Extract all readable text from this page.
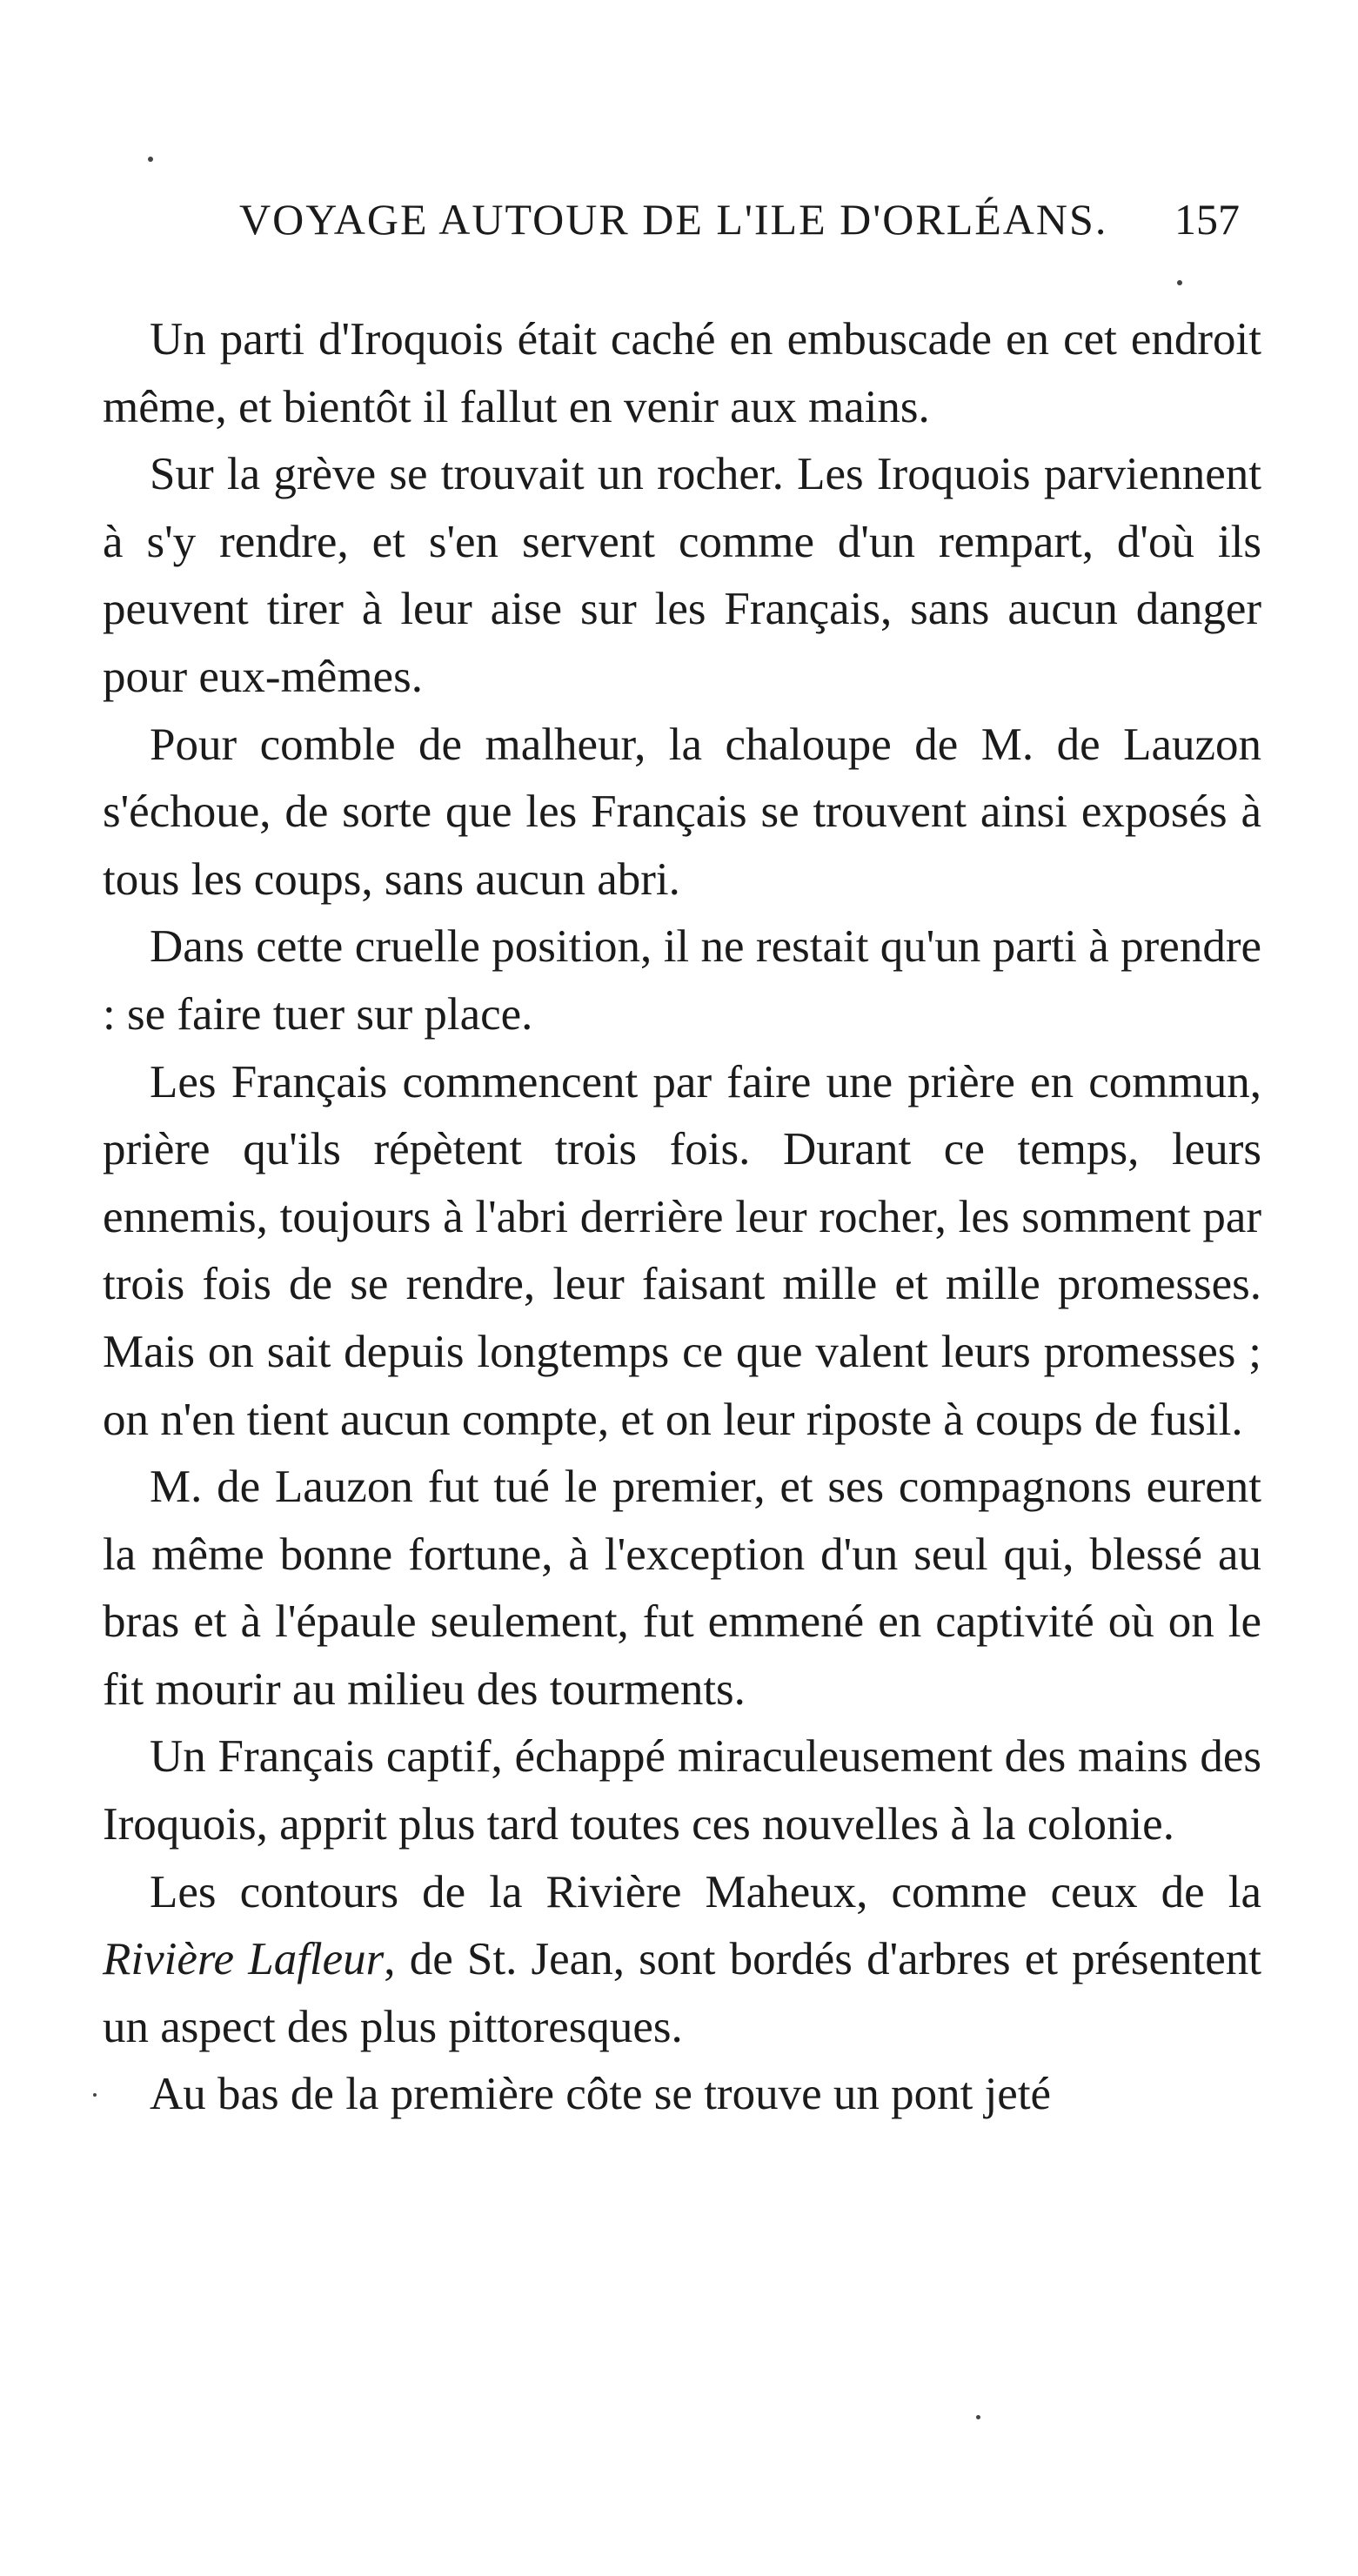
VOYAGE AUTOUR DE L'ILE D'ORLÉANS. 157

Un parti d'Iroquois était caché en embuscade en cet endroit même, et bientôt il fallut en venir aux mains.

Sur la grève se trouvait un rocher. Les Iroquois parviennent à s'y rendre, et s'en servent comme d'un rempart, d'où ils peuvent tirer à leur aise sur les Français, sans aucun danger pour eux-mêmes.

Pour comble de malheur, la chaloupe de M. de Lauzon s'échoue, de sorte que les Français se trouvent ainsi exposés à tous les coups, sans aucun abri.

Dans cette cruelle position, il ne restait qu'un parti à prendre : se faire tuer sur place.

Les Français commencent par faire une prière en commun, prière qu'ils répètent trois fois. Durant ce temps, leurs ennemis, toujours à l'abri derrière leur rocher, les somment par trois fois de se rendre, leur faisant mille et mille promesses. Mais on sait depuis longtemps ce que valent leurs promesses ; on n'en tient aucun compte, et on leur riposte à coups de fusil.

M. de Lauzon fut tué le premier, et ses compagnons eurent la même bonne fortune, à l'exception d'un seul qui, blessé au bras et à l'épaule seulement, fut emmené en captivité où on le fit mourir au milieu des tourments.

Un Français captif, échappé miraculeusement des mains des Iroquois, apprit plus tard toutes ces nouvelles à la colonie.

Les contours de la Rivière Maheux, comme ceux de la Rivière Lafleur, de St. Jean, sont bordés d'arbres et présentent un aspect des plus pittoresques.

Au bas de la première côte se trouve un pont jeté
